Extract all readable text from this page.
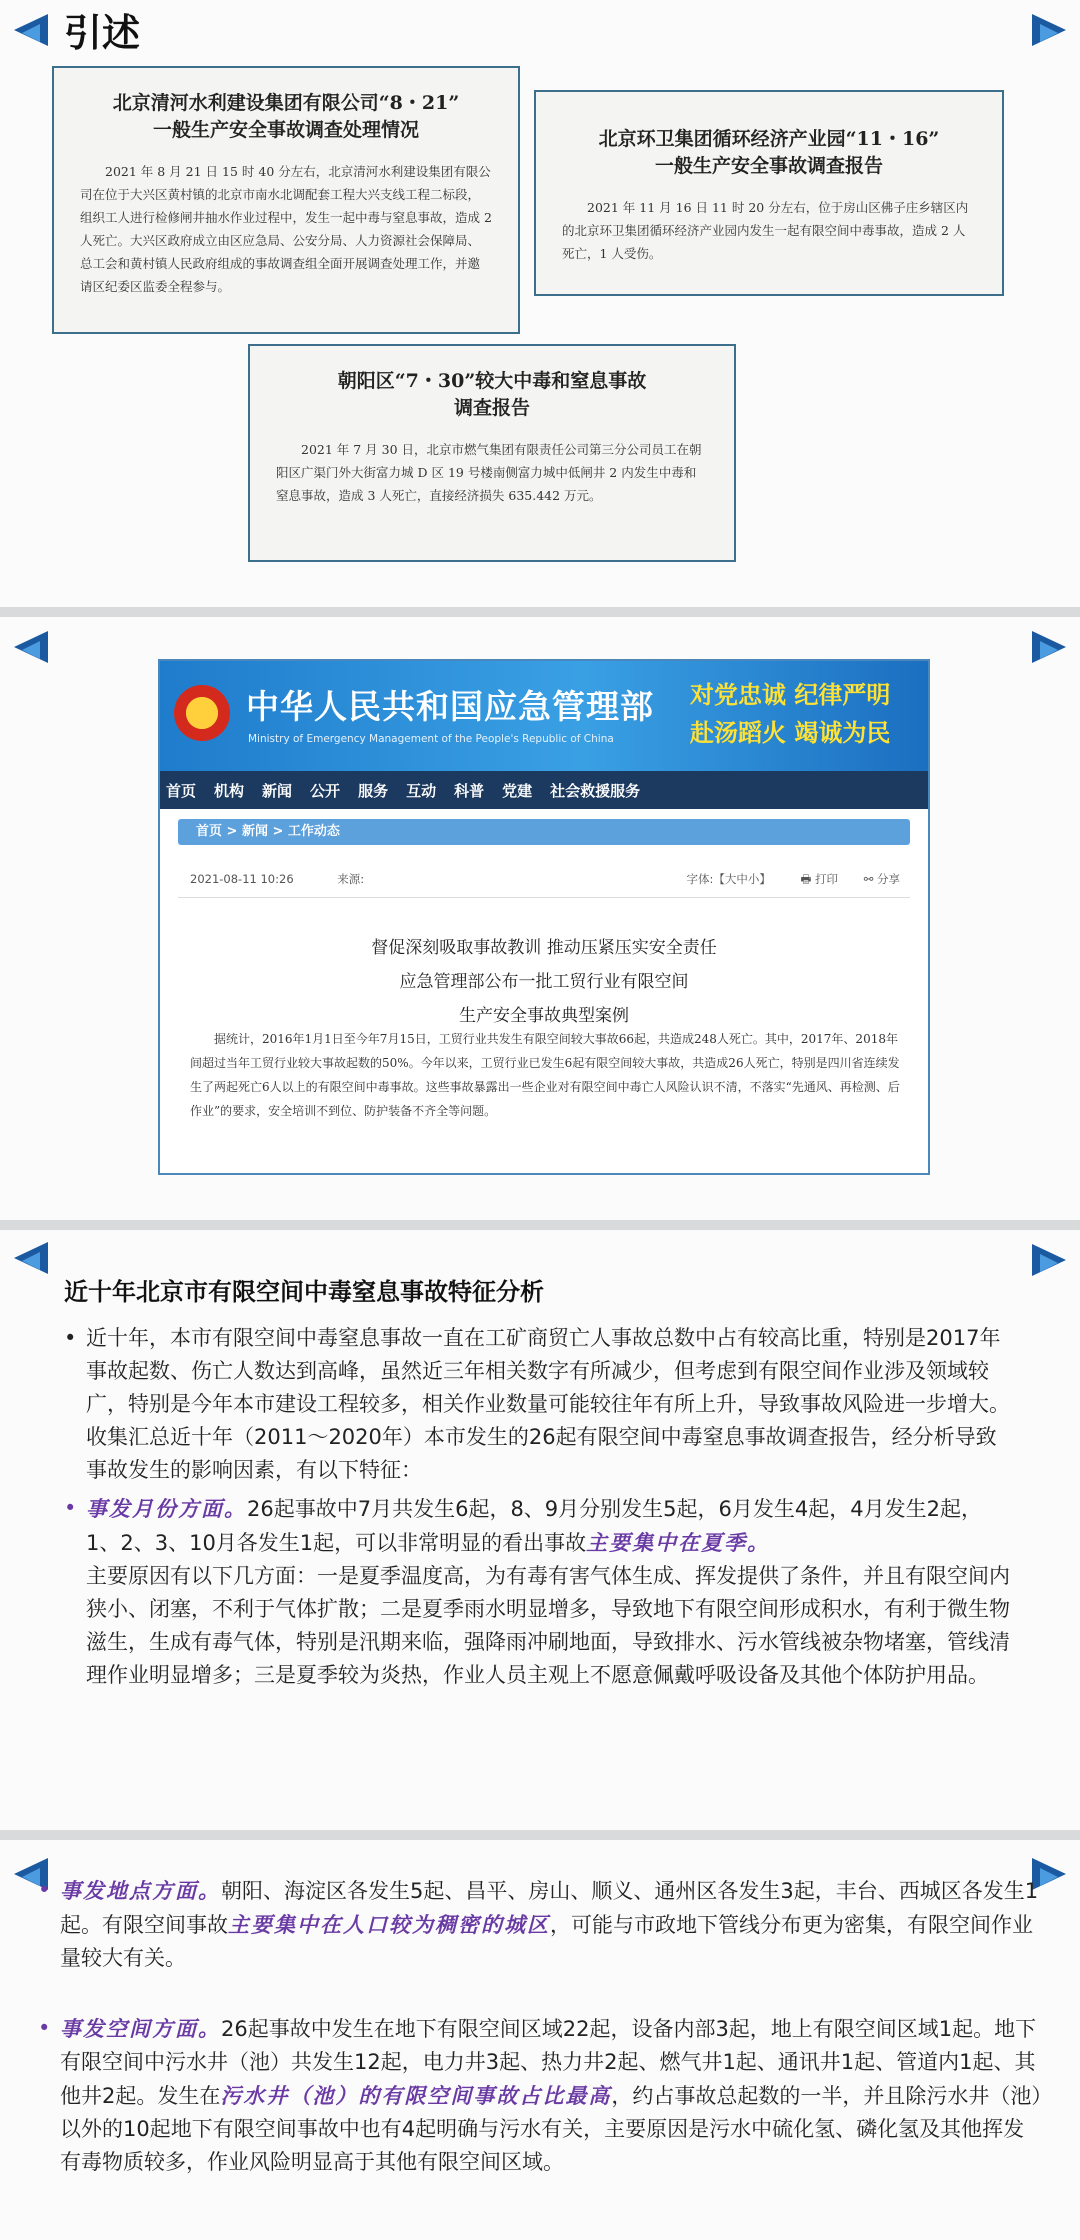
引述
北京清河水利建设集团有限公司“8・21”
一般生产安全事故调查处理情况
2021 年 8 月 21 日 15 时 40 分左右，北京清河水利建设集团有限公司在位于大兴区黄村镇的北京市南水北调配套工程大兴支线工程二标段，组织工人进行检修闸井抽水作业过程中，发生一起中毒与窒息事故，造成 2 人死亡。大兴区政府成立由区应急局、公安分局、人力资源社会保障局、总工会和黄村镇人民政府组成的事故调查组全面开展调查处理工作，并邀请区纪委区监委全程参与。
北京环卫集团循环经济产业园“11・16”
一般生产安全事故调查报告
2021 年 11 月 16 日 11 时 20 分左右，位于房山区佛子庄乡辖区内的北京环卫集团循环经济产业园内发生一起有限空间中毒事故，造成 2 人死亡，1 人受伤。
朝阳区“7・30”较大中毒和窒息事故
调查报告
2021 年 7 月 30 日，北京市燃气集团有限责任公司第三分公司员工在朝阳区广渠门外大街富力城 D 区 19 号楼南侧富力城中低闸井 2 内发生中毒和窒息事故，造成 3 人死亡，直接经济损失 635.442 万元。
中华人民共和国应急管理部
Ministry of Emergency Management of the People's Republic of China
对党忠诚 纪律严明
赴汤蹈火 竭诚为民
首页 机构 新闻 公开 服务 互动 科普 党建 社会救援服务
首页 > 新闻 > 工作动态
2021-08-11 10:26	来源:	字体:【大中小】	🖶 打印 ⚯ 分享
督促深刻吸取事故教训 推动压紧压实安全责任
应急管理部公布一批工贸行业有限空间
生产安全事故典型案例
据统计，2016年1月1日至今年7月15日，工贸行业共发生有限空间较大事故66起，共造成248人死亡。其中，2017年、2018年间超过当年工贸行业较大事故起数的50%。今年以来，工贸行业已发生6起有限空间较大事故，共造成26人死亡，特别是四川省连续发生了两起死亡6人以上的有限空间中毒事故。这些事故暴露出一些企业对有限空间中毒亡人风险认识不清，不落实“先通风、再检测、后作业”的要求，安全培训不到位、防护装备不齐全等问题。
近十年北京市有限空间中毒窒息事故特征分析
• 近十年，本市有限空间中毒窒息事故一直在工矿商贸亡人事故总数中占有较高比重，特别是2017年事故起数、伤亡人数达到高峰，虽然近三年相关数字有所减少，但考虑到有限空间作业涉及领域较广，特别是今年本市建设工程较多，相关作业数量可能较往年有所上升，导致事故风险进一步增大。收集汇总近十年（2011～2020年）本市发生的26起有限空间中毒窒息事故调查报告，经分析导致事故发生的影响因素，有以下特征：
• 事发月份方面。26起事故中7月共发生6起，8、9月分别发生5起，6月发生4起，4月发生2起，1、2、3、10月各发生1起，可以非常明显的看出事故主要集中在夏季。
主要原因有以下几方面：一是夏季温度高，为有毒有害气体生成、挥发提供了条件，并且有限空间内狭小、闭塞，不利于气体扩散；二是夏季雨水明显增多，导致地下有限空间形成积水，有利于微生物滋生，生成有毒气体，特别是汛期来临，强降雨冲刷地面，导致排水、污水管线被杂物堵塞，管线清理作业明显增多；三是夏季较为炎热，作业人员主观上不愿意佩戴呼吸设备及其他个体防护用品。
• 事发地点方面。朝阳、海淀区各发生5起、昌平、房山、顺义、通州区各发生3起，丰台、西城区各发生1起。有限空间事故主要集中在人口较为稠密的城区，可能与市政地下管线分布更为密集，有限空间作业量较大有关。
• 事发空间方面。26起事故中发生在地下有限空间区域22起，设备内部3起，地上有限空间区域1起。地下有限空间中污水井（池）共发生12起，电力井3起、热力井2起、燃气井1起、通讯井1起、管道内1起、其他井2起。发生在污水井（池）的有限空间事故占比最高，约占事故总起数的一半，并且除污水井（池）以外的10起地下有限空间事故中也有4起明确与污水有关，主要原因是污水中硫化氢、磷化氢及其他挥发有毒物质较多，作业风险明显高于其他有限空间区域。
